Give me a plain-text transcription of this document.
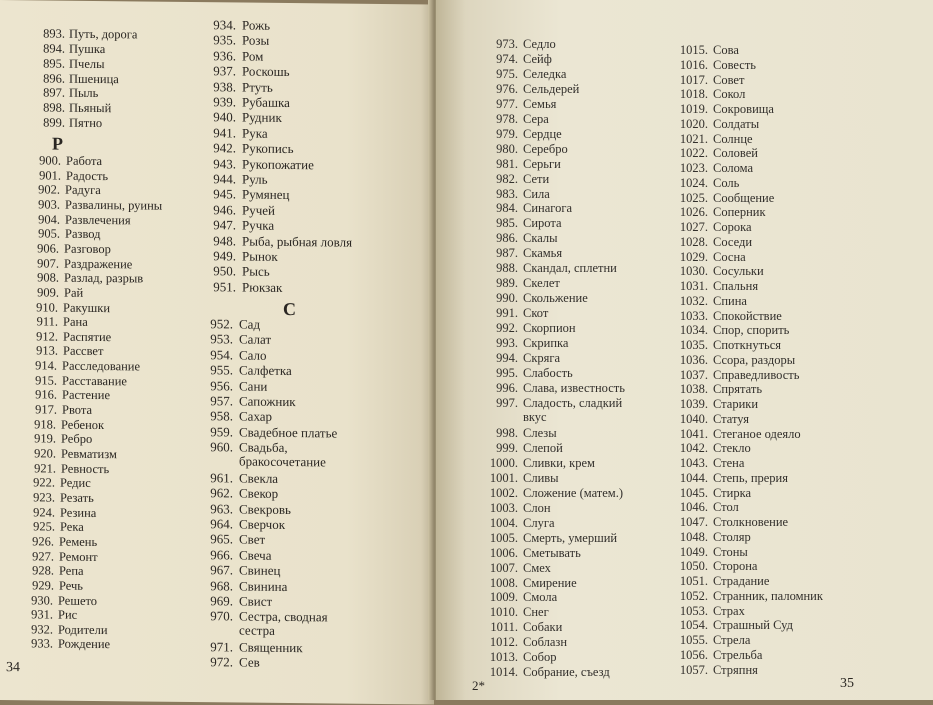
893. Путь, дорога
894. Пушка
895. Пчелы
896. Пшеница
897. Пыль
898. Пьяный
899. Пятно
Р
900. Работа
901. Радость
902. Радуга
903. Развалины, руины
904. Развлечения
905. Развод
906. Разговор
907. Раздражение
908. Разлад, разрыв
909. Рай
910. Ракушки
911. Рана
912. Распятие
913. Рассвет
914. Расследование
915. Расставание
916. Растение
917. Рвота
918. Ребенок
919. Ребро
920. Ревматизм
921. Ревность
922. Редис
923. Резать
924. Резина
925. Река
926. Ремень
927. Ремонт
928. Репа
929. Речь
930. Решето
931. Рис
932. Родители
933. Рождение
934. Рожь
935. Розы
936. Ром
937. Роскошь
938. Ртуть
939. Рубашка
940. Рудник
941. Рука
942. Рукопись
943. Рукопожатие
944. Руль
945. Румянец
946. Ручей
947. Ручка
948. Рыба, рыбная ловля
949. Рынок
950. Рысь
951. Рюкзак
С
952. Сад
953. Салат
954. Сало
955. Салфетка
956. Сани
957. Сапожник
958. Сахар
959. Свадебное платье
960. Свадьба,
бракосочетание
961. Свекла
962. Свекор
963. Свекровь
964. Сверчок
965. Свет
966. Свеча
967. Свинец
968. Свинина
969. Свист
970. Сестра, сводная
сестра
971. Священник
972. Сев
34
973. Седло
974. Сейф
975. Селедка
976. Сельдерей
977. Семья
978. Сера
979. Сердце
980. Серебро
981. Серьги
982. Сети
983. Сила
984. Синагога
985. Сирота
986. Скалы
987. Скамья
988. Скандал, сплетни
989. Скелет
990. Скольжение
991. Скот
992. Скорпион
993. Скрипка
994. Скряга
995. Слабость
996. Слава, известность
997. Сладость, сладкий
вкус
998. Слезы
999. Слепой
1000. Сливки, крем
1001. Сливы
1002. Сложение (матем.)
1003. Слон
1004. Слуга
1005. Смерть, умерший
1006. Сметывать
1007. Смех
1008. Смирение
1009. Смола
1010. Снег
1011. Собаки
1012. Соблазн
1013. Собор
1014. Собрание, съезд
1015. Сова
1016. Совесть
1017. Совет
1018. Сокол
1019. Сокровища
1020. Солдаты
1021. Солнце
1022. Соловей
1023. Солома
1024. Соль
1025. Сообщение
1026. Соперник
1027. Сорока
1028. Соседи
1029. Сосна
1030. Сосульки
1031. Спальня
1032. Спина
1033. Спокойствие
1034. Спор, спорить
1035. Споткнуться
1036. Ссора, раздоры
1037. Справедливость
1038. Спрятать
1039. Старики
1040. Статуя
1041. Стеганое одеяло
1042. Стекло
1043. Стена
1044. Степь, прерия
1045. Стирка
1046. Стол
1047. Столкновение
1048. Столяр
1049. Стоны
1050. Сторона
1051. Страдание
1052. Странник, паломник
1053. Страх
1054. Страшный Суд
1055. Стрела
1056. Стрельба
1057. Стряпня
2*	35
